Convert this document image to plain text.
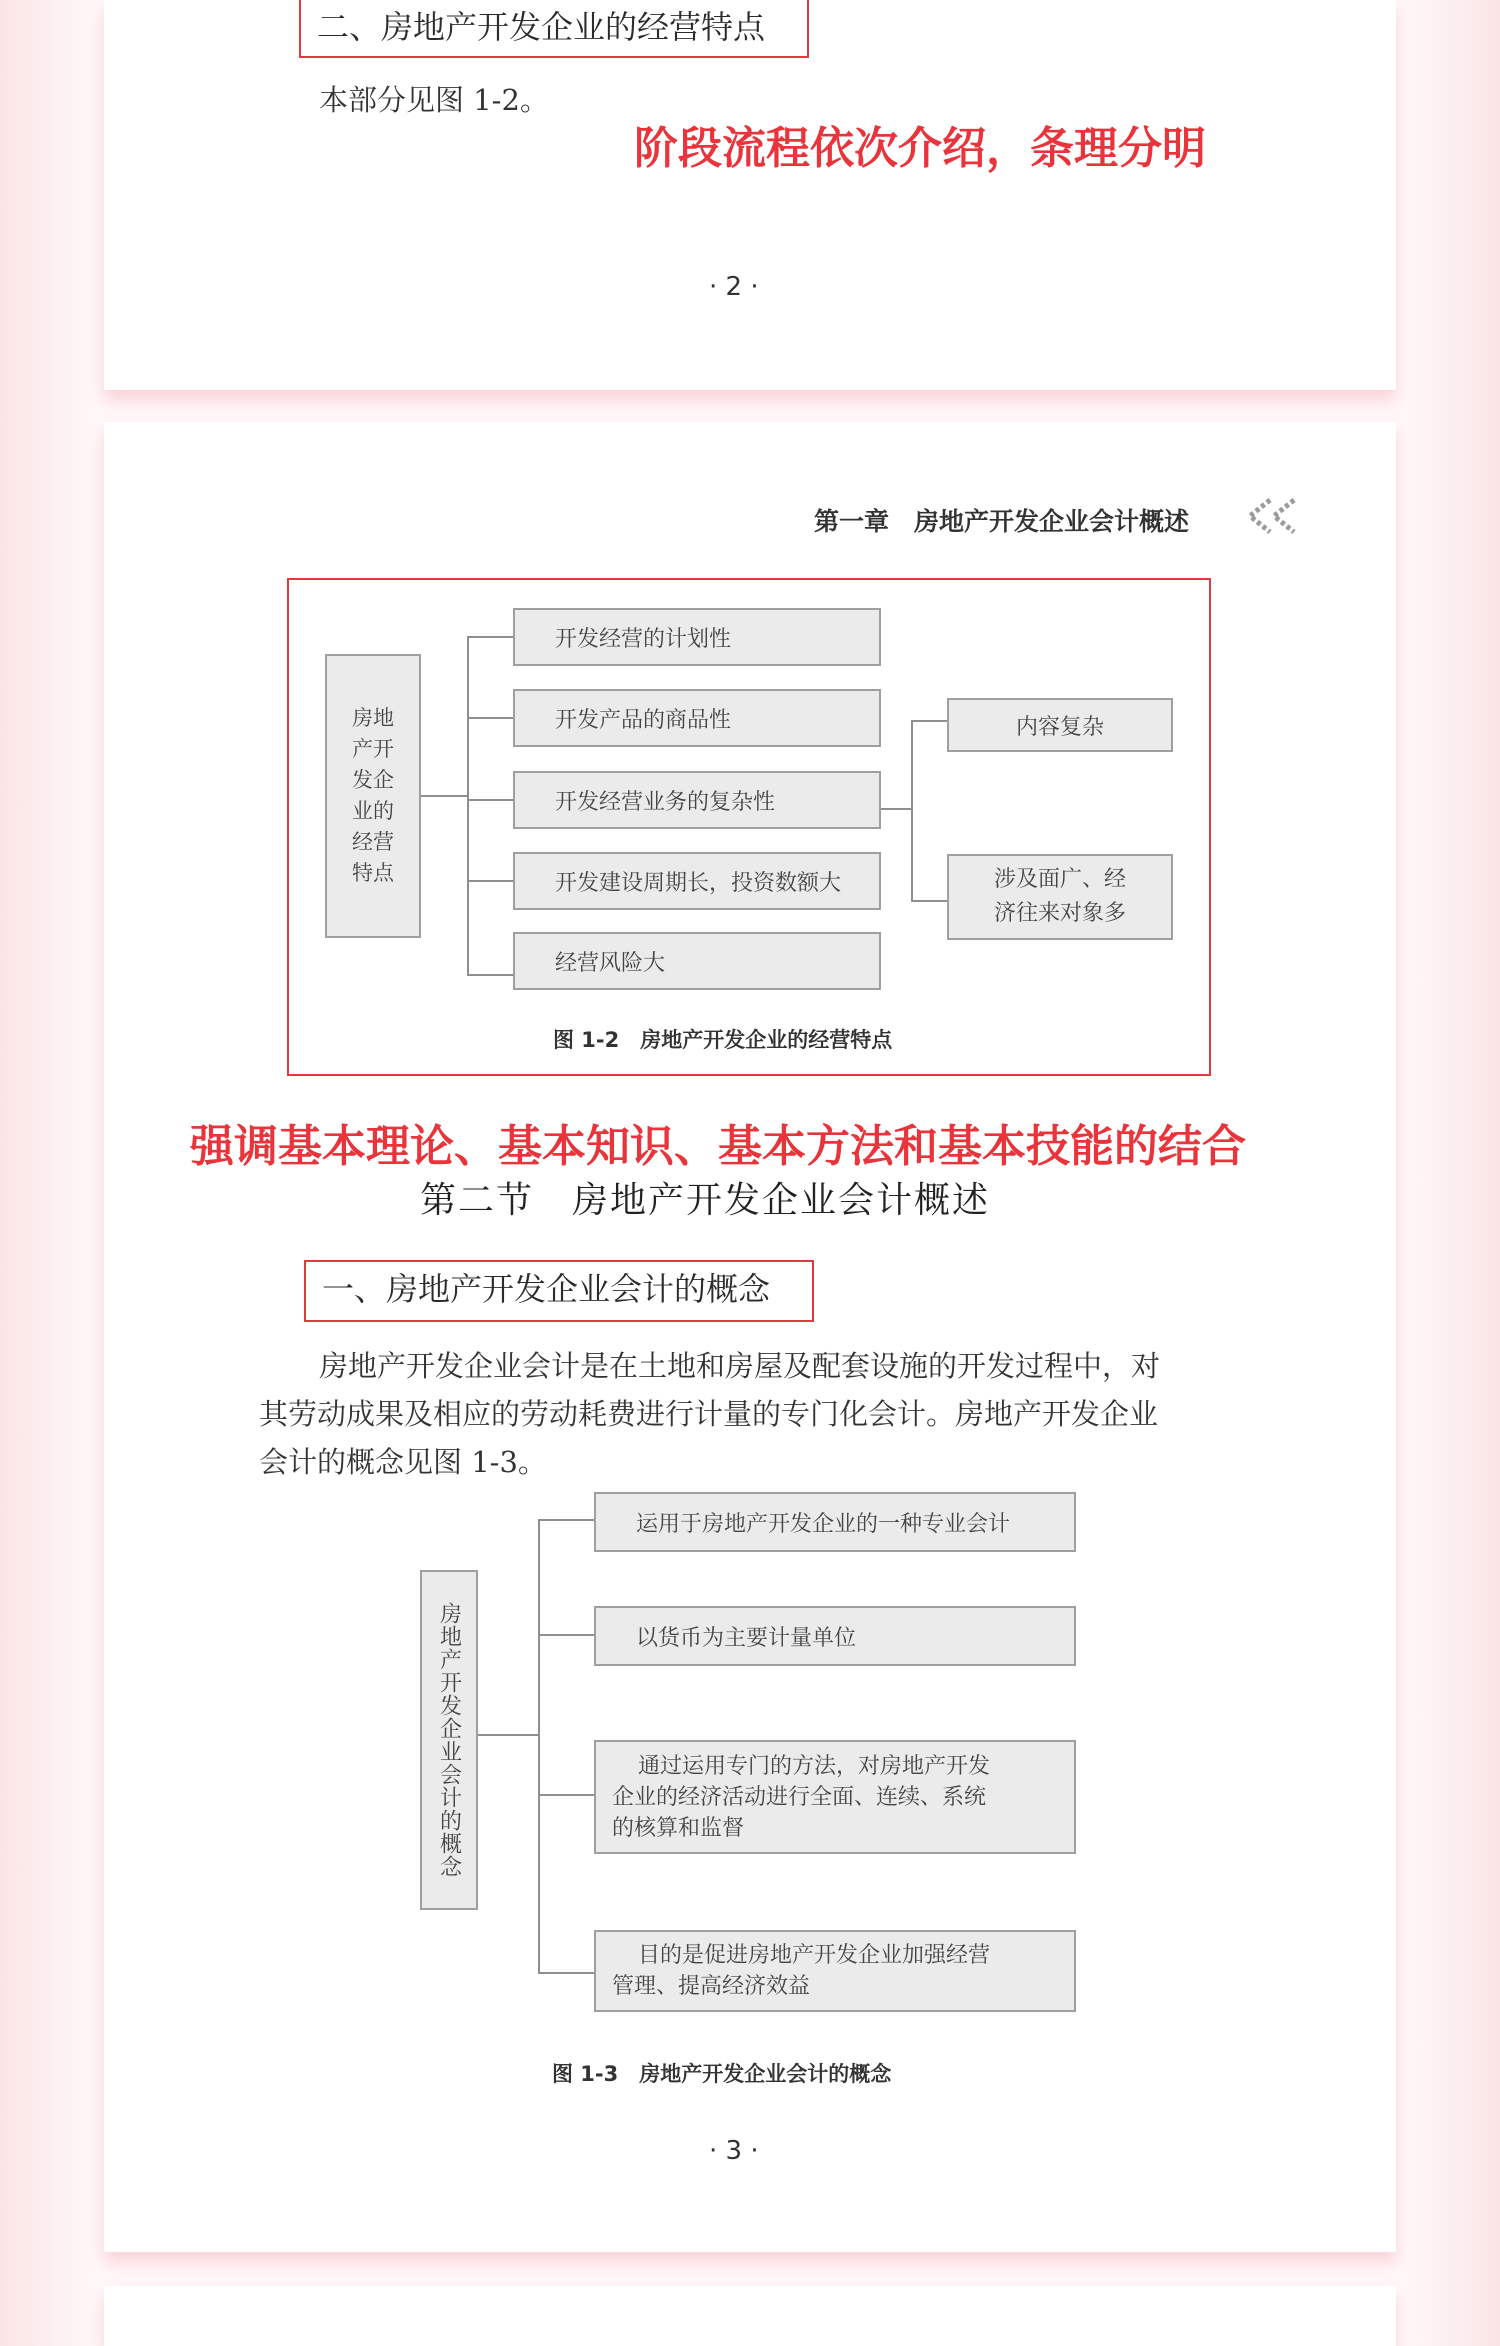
二、房地产开发企业的经营特点
本部分见图 1-2。
阶段流程依次介绍，条理分明
· 2 ·
第一章　房地产开发企业会计概述
房地
产开
发企
业的
经营
特点
开发经营的计划性
开发产品的商品性
开发经营业务的复杂性
开发建设周期长，投资数额大
经营风险大
内容复杂
涉及面广、经
济往来对象多
图 1-2　房地产开发企业的经营特点
强调基本理论、基本知识、基本方法和基本技能的结合
第二节　房地产开发企业会计概述
一、房地产开发企业会计的概念
房地产开发企业会计是在土地和房屋及配套设施的开发过程中，对
其劳动成果及相应的劳动耗费进行计量的专门化会计。房地产开发企业
会计的概念见图 1-3。
房地产开发企业会计的概念
运用于房地产开发企业的一种专业会计
以货币为主要计量单位
通过运用专门的方法，对房地产开发
企业的经济活动进行全面、连续、系统
的核算和监督
目的是促进房地产开发企业加强经营
管理、提高经济效益
图 1-3　房地产开发企业会计的概念
· 3 ·
